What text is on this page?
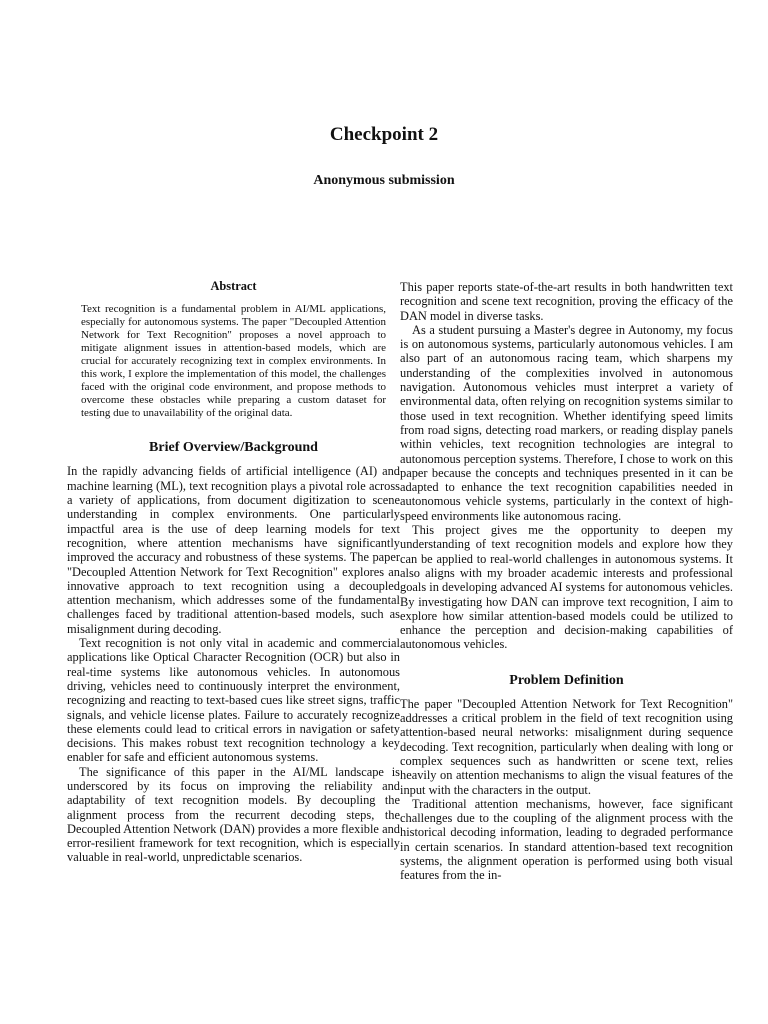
Checkpoint 2
Anonymous submission
Abstract

Text recognition is a fundamental problem in AI/ML applications, especially for autonomous systems. The paper "Decoupled Attention Network for Text Recognition" proposes a novel approach to mitigate alignment issues in attention-based models, which are crucial for accurately recognizing text in complex environments. In this work, I explore the implementation of this model, the challenges faced with the original code environment, and propose methods to overcome these obstacles while preparing a custom dataset for testing due to unavailability of the original data.

Brief Overview/Background

In the rapidly advancing fields of artificial intelligence (AI) and machine learning (ML), text recognition plays a pivotal role across a variety of applications, from document digitization to scene understanding in complex environments. One particularly impactful area is the use of deep learning models for text recognition, where attention mechanisms have significantly improved the accuracy and robustness of these systems. The paper "Decoupled Attention Network for Text Recognition" explores an innovative approach to text recognition using a decoupled attention mechanism, which addresses some of the fundamental challenges faced by traditional attention-based models, such as misalignment during decoding.

Text recognition is not only vital in academic and commercial applications like Optical Character Recognition (OCR) but also in real-time systems like autonomous vehicles. In autonomous driving, vehicles need to continuously interpret the environment, recognizing and reacting to text-based cues like street signs, traffic signals, and vehicle license plates. Failure to accurately recognize these elements could lead to critical errors in navigation or safety decisions. This makes robust text recognition technology a key enabler for safe and efficient autonomous systems.

The significance of this paper in the AI/ML landscape is underscored by its focus on improving the reliability and adaptability of text recognition models. By decoupling the alignment process from the recurrent decoding steps, the Decoupled Attention Network (DAN) provides a more flexible and error-resilient framework for text recognition, which is especially valuable in real-world, unpredictable scenarios.

This paper reports state-of-the-art results in both handwritten text recognition and scene text recognition, proving the efficacy of the DAN model in diverse tasks.

As a student pursuing a Master's degree in Autonomy, my focus is on autonomous systems, particularly autonomous vehicles. I am also part of an autonomous racing team, which sharpens my understanding of the complexities involved in autonomous navigation. Autonomous vehicles must interpret a variety of environmental data, often relying on recognition systems similar to those used in text recognition. Whether identifying speed limits from road signs, detecting road markers, or reading display panels within vehicles, text recognition technologies are integral to autonomous perception systems. Therefore, I chose to work on this paper because the concepts and techniques presented in it can be adapted to enhance the text recognition capabilities needed in autonomous vehicle systems, particularly in the context of high-speed environments like autonomous racing.

This project gives me the opportunity to deepen my understanding of text recognition models and explore how they can be applied to real-world challenges in autonomous systems. It also aligns with my broader academic interests and professional goals in developing advanced AI systems for autonomous vehicles. By investigating how DAN can improve text recognition, I aim to explore how similar attention-based models could be utilized to enhance the perception and decision-making capabilities of autonomous vehicles.

Problem Definition

The paper "Decoupled Attention Network for Text Recognition" addresses a critical problem in the field of text recognition using attention-based neural networks: misalignment during sequence decoding. Text recognition, particularly when dealing with long or complex sequences such as handwritten or scene text, relies heavily on attention mechanisms to align the visual features of the input with the characters in the output.

Traditional attention mechanisms, however, face significant challenges due to the coupling of the alignment process with the historical decoding information, leading to degraded performance in certain scenarios. In standard attention-based text recognition systems, the alignment operation is performed using both visual features from the in-
